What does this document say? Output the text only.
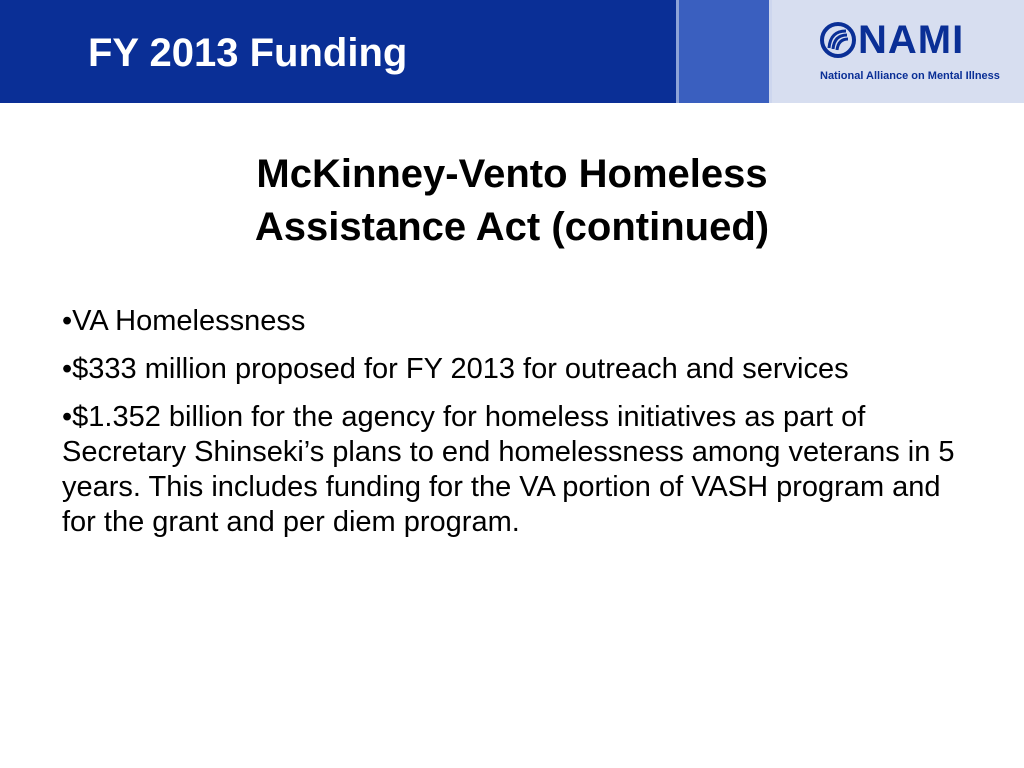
FY 2013 Funding	NAMI
National Alliance on Mental Illness
McKinney-Vento Homeless
Assistance Act (continued)
•VA Homelessness
•$333 million proposed for FY 2013 for outreach and services
•$1.352 billion for the agency for homeless initiatives as part of Secretary Shinseki’s plans to end homelessness among veterans in 5 years. This includes funding for the VA portion of VASH program and for the grant and per diem program.
